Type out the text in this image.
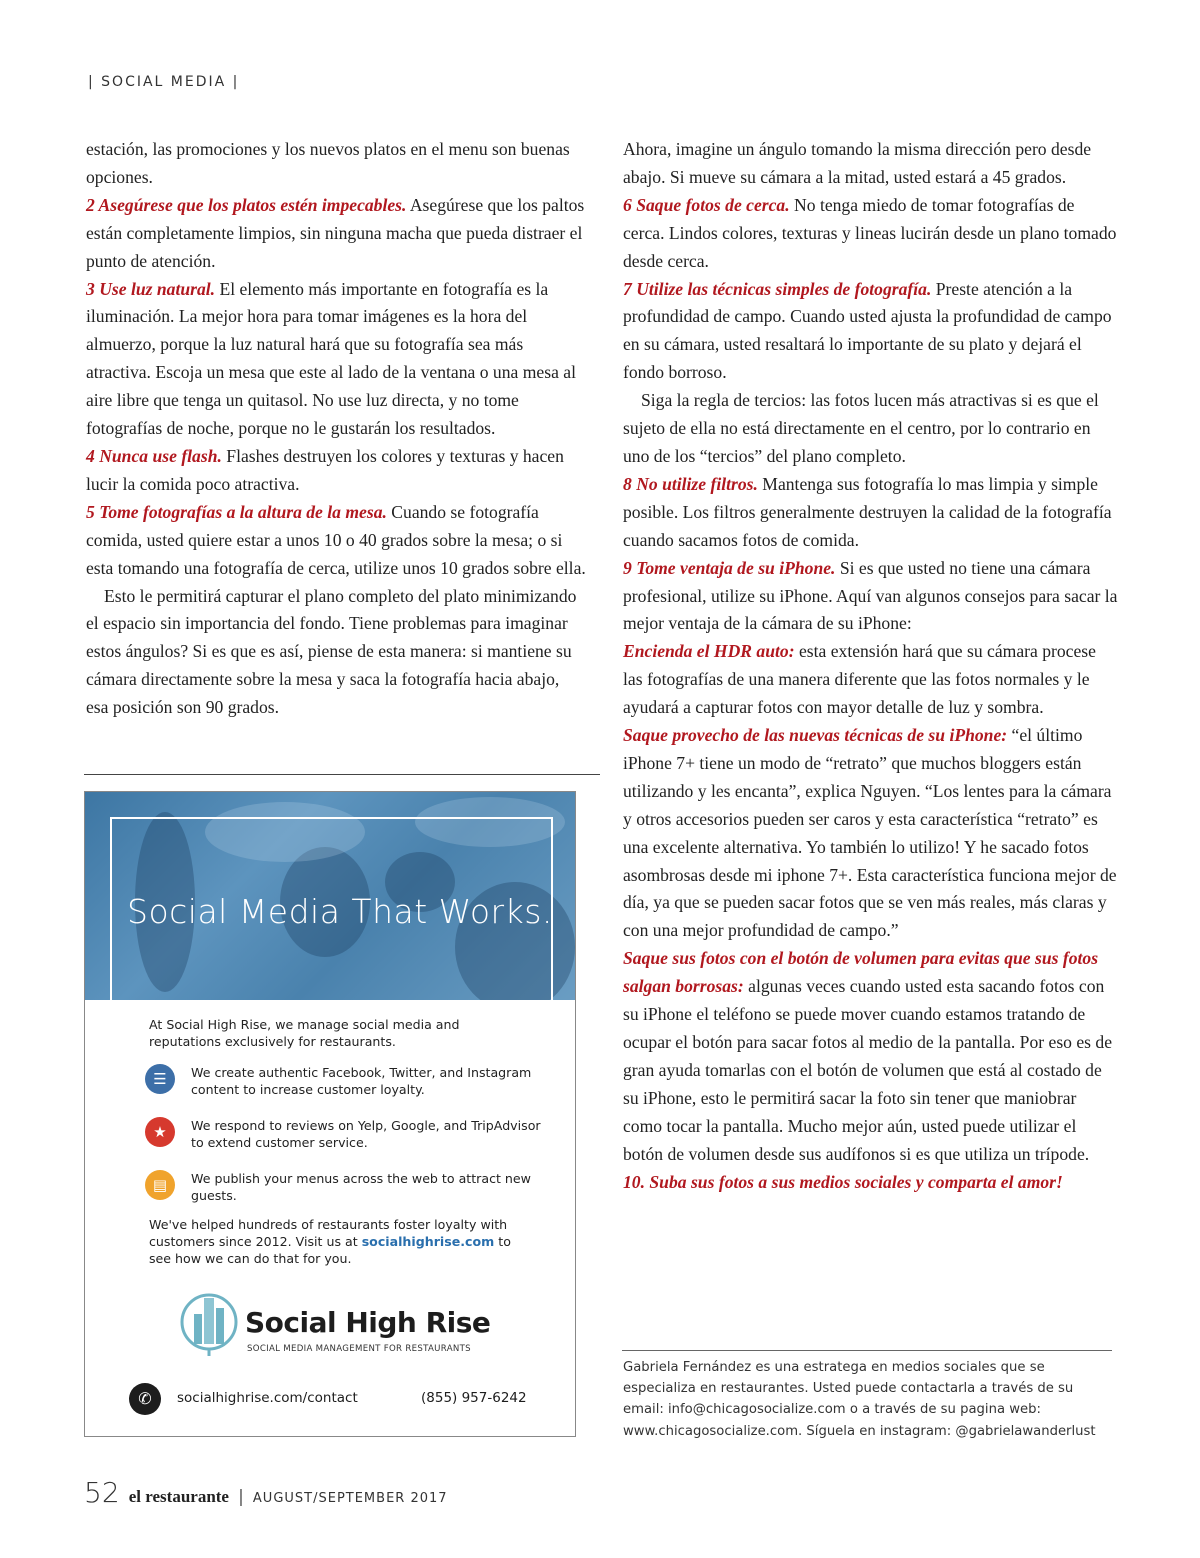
| SOCIAL MEDIA |

estación, las promociones y los nuevos platos en el menu son buenas opciones.

2 Asegúrese que los platos estén impecables. Asegúrese que los paltos están completamente limpios, sin ninguna macha que pueda distraer el punto de atención.

3 Use luz natural. El elemento más importante en fotografía es la iluminación. La mejor hora para tomar imágenes es la hora del almuerzo, porque la luz natural hará que su fotografía sea más atractiva. Escoja un mesa que este al lado de la ventana o una mesa al aire libre que tenga un quitasol. No use luz directa, y no tome fotografías de noche, porque no le gustarán los resultados.

4 Nunca use flash. Flashes destruyen los colores y texturas y hacen lucir la comida poco atractiva.

5 Tome fotografías a la altura de la mesa. Cuando se fotografía comida, usted quiere estar a unos 10 o 40 grados sobre la mesa; o si esta tomando una fotografía de cerca, utilize unos 10 grados sobre ella.

Esto le permitirá capturar el plano completo del plato minimizando el espacio sin importancia del fondo. Tiene problemas para imaginar estos ángulos? Si es que es así, piense de esta manera: si mantiene su cámara directamente sobre la mesa y saca la fotografía hacia abajo, esa posición son 90 grados.

Ahora, imagine un ángulo tomando la misma dirección pero desde abajo. Si mueve su cámara a la mitad, usted estará a 45 grados.

6 Saque fotos de cerca. No tenga miedo de tomar fotografías de cerca. Lindos colores, texturas y lineas lucirán desde un plano tomado desde cerca.

7 Utilize las técnicas simples de fotografía. Preste atención a la profundidad de campo. Cuando usted ajusta la profundidad de campo en su cámara, usted resaltará lo importante de su plato y dejará el fondo borroso.

Siga la regla de tercios: las fotos lucen más atractivas si es que el sujeto de ella no está directamente en el centro, por lo contrario en uno de los “tercios” del plano completo.

8 No utilize filtros. Mantenga sus fotografía lo mas limpia y simple posible. Los filtros generalmente destruyen la calidad de la fotografía cuando sacamos fotos de comida.

9 Tome ventaja de su iPhone. Si es que usted no tiene una cámara profesional, utilize su iPhone. Aquí van algunos consejos para sacar la mejor ventaja de la cámara de su iPhone:

Encienda el HDR auto: esta extensión hará que su cámara procese las fotografías de una manera diferente que las fotos normales y le ayudará a capturar fotos con mayor detalle de luz y sombra.

Saque provecho de las nuevas técnicas de su iPhone: “el último iPhone 7+ tiene un modo de “retrato” que muchos bloggers están utilizando y les encanta”, explica Nguyen. “Los lentes para la cámara y otros accesorios pueden ser caros y esta característica “retrato” es una excelente alternativa. Yo también lo utilizo! Y he sacado fotos asombrosas desde mi iphone 7+. Esta característica funciona mejor de día, ya que se pueden sacar fotos que se ven más reales, más claras y con una mejor profundidad de campo.”

Saque sus fotos con el botón de volumen para evitas que sus fotos salgan borrosas: algunas veces cuando usted esta sacando fotos con su iPhone el teléfono se puede mover cuando estamos tratando de ocupar el botón para sacar fotos al medio de la pantalla. Por eso es de gran ayuda tomarlas con el botón de volumen que está al costado de su iPhone, esto le permitirá sacar la foto sin tener que maniobrar como tocar la pantalla. Mucho mejor aún, usted puede utilizar el botón de volumen desde sus audífonos si es que utiliza un trípode.

10. Suba sus fotos a sus medios sociales y comparta el amor!

Social Media That Works.
At Social High Rise, we manage social media and reputations exclusively for restaurants.
☰	We create authentic Facebook, Twitter, and Instagram content to increase customer loyalty.
★	We respond to reviews on Yelp, Google, and TripAdvisor to extend customer service.
▤	We publish your menus across the web to attract new guests.
We've helped hundreds of restaurants foster loyalty with customers since 2012. Visit us at socialhighrise.com to see how we can do that for you.
Social High Rise
SOCIAL MEDIA MANAGEMENT FOR RESTAURANTS
✆	socialhighrise.com/contact	(855) 957-6242
Gabriela Fernández es una estratega en medios sociales que se especializa en restaurantes. Usted puede contactarla a través de su email: info@chicagosocialize.com o a través de su pagina web: www.chicagosocialize.com. Síguela en instagram: @gabrielawanderlust
52 el restaurante | AUGUST/SEPTEMBER 2017
